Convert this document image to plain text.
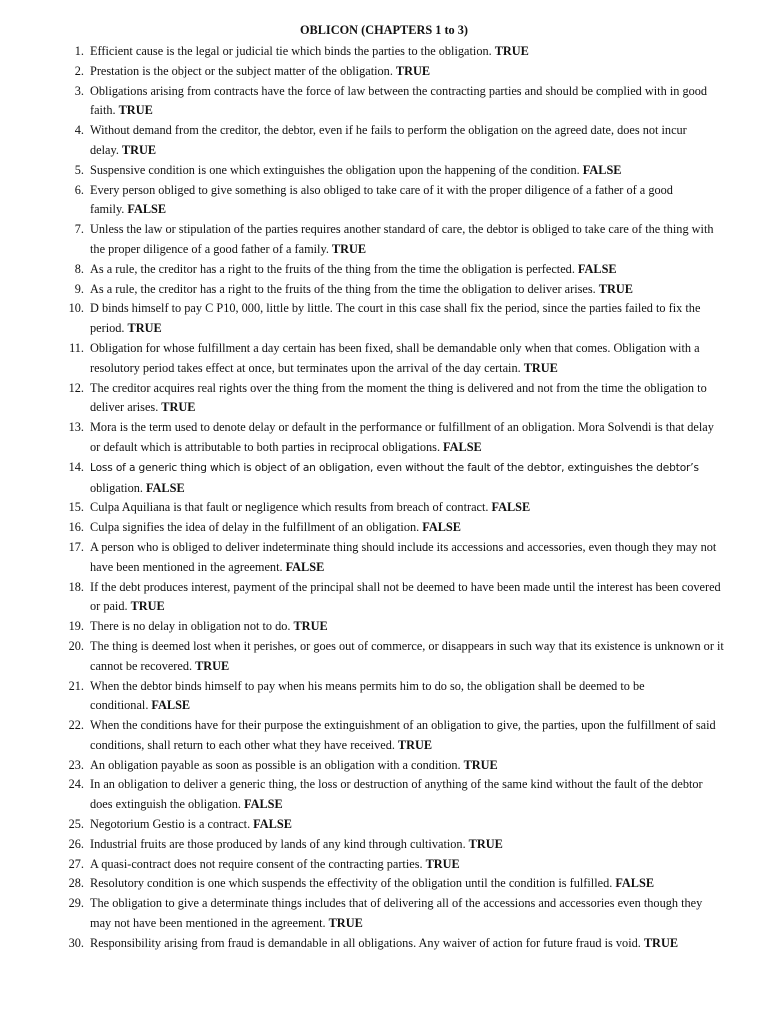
OBLICON (CHAPTERS 1 to 3)
1. Efficient cause is the legal or judicial tie which binds the parties to the obligation. TRUE
2. Prestation is the object or the subject matter of the obligation. TRUE
3. Obligations arising from contracts have the force of law between the contracting parties and should be complied with in good faith. TRUE
4. Without demand from the creditor, the debtor, even if he fails to perform the obligation on the agreed date, does not incur delay. TRUE
5. Suspensive condition is one which extinguishes the obligation upon the happening of the condition. FALSE
6. Every person obliged to give something is also obliged to take care of it with the proper diligence of a father of a good family. FALSE
7. Unless the law or stipulation of the parties requires another standard of care, the debtor is obliged to take care of the thing with the proper diligence of a good father of a family. TRUE
8. As a rule, the creditor has a right to the fruits of the thing from the time the obligation is perfected. FALSE
9. As a rule, the creditor has a right to the fruits of the thing from the time the obligation to deliver arises. TRUE
10. D binds himself to pay C P10, 000, little by little. The court in this case shall fix the period, since the parties failed to fix the period. TRUE
11. Obligation for whose fulfillment a day certain has been fixed, shall be demandable only when that comes. Obligation with a resolutory period takes effect at once, but terminates upon the arrival of the day certain. TRUE
12. The creditor acquires real rights over the thing from the moment the thing is delivered and not from the time the obligation to deliver arises. TRUE
13. Mora is the term used to denote delay or default in the performance or fulfillment of an obligation. Mora Solvendi is that delay or default which is attributable to both parties in reciprocal obligations. FALSE
14. Loss of a generic thing which is object of an obligation, even without the fault of the debtor, extinguishes the debtor’s
obligation. FALSE
15. Culpa Aquiliana is that fault or negligence which results from breach of contract. FALSE
16. Culpa signifies the idea of delay in the fulfillment of an obligation. FALSE
17. A person who is obliged to deliver indeterminate thing should include its accessions and accessories, even though they may not have been mentioned in the agreement. FALSE
18. If the debt produces interest, payment of the principal shall not be deemed to have been made until the interest has been covered or paid. TRUE
19. There is no delay in obligation not to do. TRUE
20. The thing is deemed lost when it perishes, or goes out of commerce, or disappears in such way that its existence is unknown or it cannot be recovered. TRUE
21. When the debtor binds himself to pay when his means permits him to do so, the obligation shall be deemed to be conditional. FALSE
22. When the conditions have for their purpose the extinguishment of an obligation to give, the parties, upon the fulfillment of said conditions, shall return to each other what they have received. TRUE
23. An obligation payable as soon as possible is an obligation with a condition. TRUE
24. In an obligation to deliver a generic thing, the loss or destruction of anything of the same kind without the fault of the debtor does extinguish the obligation. FALSE
25. Negotorium Gestio is a contract. FALSE
26. Industrial fruits are those produced by lands of any kind through cultivation. TRUE
27. A quasi-contract does not require consent of the contracting parties. TRUE
28. Resolutory condition is one which suspends the effectivity of the obligation until the condition is fulfilled. FALSE
29. The obligation to give a determinate things includes that of delivering all of the accessions and accessories even though they may not have been mentioned in the agreement. TRUE
30. Responsibility arising from fraud is demandable in all obligations. Any waiver of action for future fraud is void. TRUE
